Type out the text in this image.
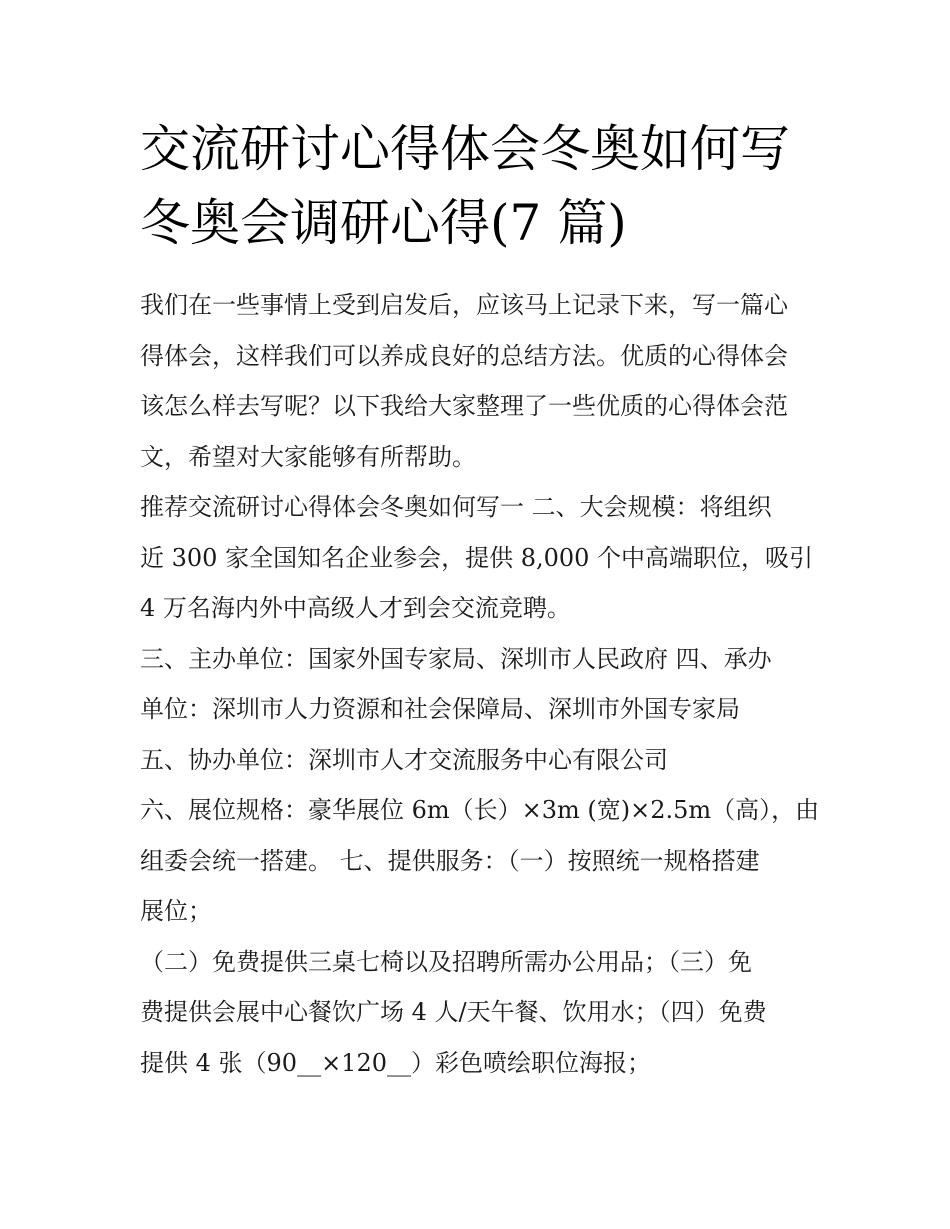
交流研讨心得体会冬奥如何写
冬奥会调研心得(7 篇)
我们在一些事情上受到启发后，应该马上记录下来，写一篇心
得体会，这样我们可以养成良好的总结方法。优质的心得体会
该怎么样去写呢？以下我给大家整理了一些优质的心得体会范
文，希望对大家能够有所帮助。
推荐交流研讨心得体会冬奥如何写一 二、大会规模：将组织
近 300 家全国知名企业参会，提供 8,000 个中高端职位，吸引
4 万名海内外中高级人才到会交流竞聘。
三、主办单位：国家外国专家局、深圳市人民政府 四、承办
单位：深圳市人力资源和社会保障局、深圳市外国专家局
五、协办单位：深圳市人才交流服务中心有限公司
六、展位规格：豪华展位 6m（长）×3m (宽)×2.5m（高），由
组委会统一搭建。 七、提供服务：（一）按照统一规格搭建
展位；
（二）免费提供三桌七椅以及招聘所需办公用品；（三）免
费提供会展中心餐饮广场 4 人/天午餐、饮用水；（四）免费
提供 4 张（90__×120__）彩色喷绘职位海报；
